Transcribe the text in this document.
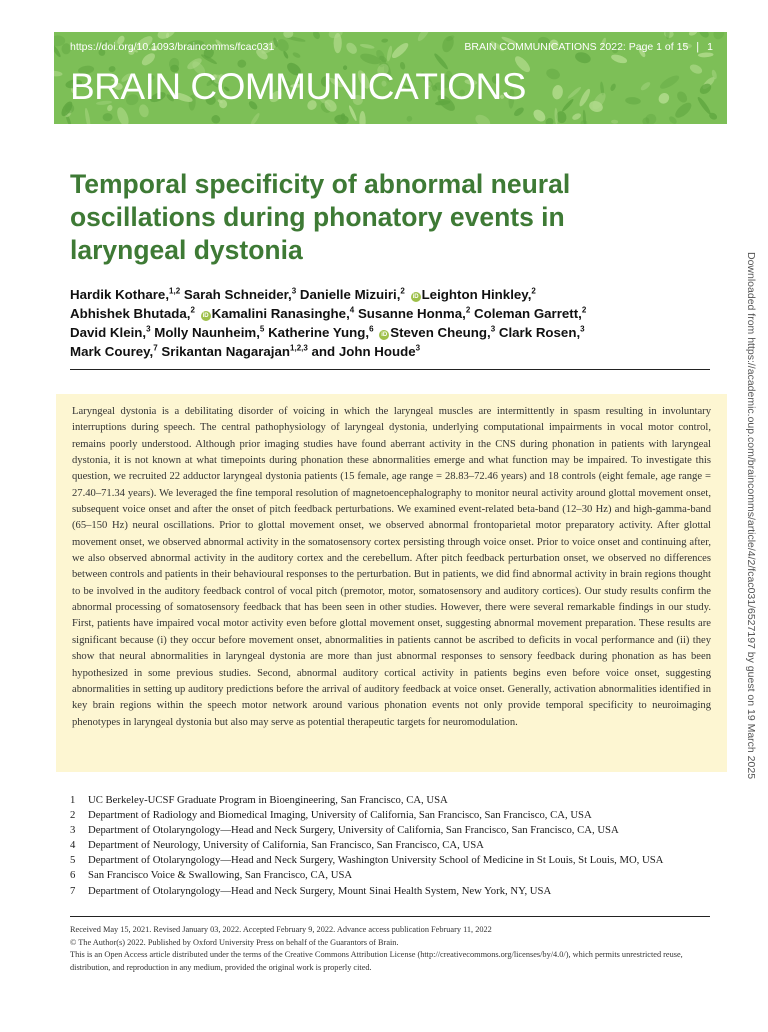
https://doi.org/10.1093/braincomms/fcac031	BRAIN COMMUNICATIONS 2022: Page 1 of 15 | 1
BRAIN COMMUNICATIONS
Temporal specificity of abnormal neural oscillations during phonatory events in laryngeal dystonia
Hardik Kothare,$^{1,2}$ Sarah Schneider,$^3$ Danielle Mizuiri,$^2$ iD Leighton Hinkley,$^2$
Abhishek Bhutada,$^2$ iD Kamalini Ranasinghe,$^4$ Susanne Honma,$^2$ Coleman Garrett,$^2$
David Klein,$^3$ Molly Naunheim,$^5$ Katherine Yung,$^6$ iD Steven Cheung,$^3$ Clark Rosen,$^3$
Mark Courey,$^7$ Srikantan Nagarajan$^{1,2,3}$ and John Houde$^3$

Laryngeal dystonia is a debilitating disorder of voicing in which the laryngeal muscles are intermittently in spasm resulting in involuntary interruptions during speech. The central pathophysiology of laryngeal dystonia, underlying computational impairments in vocal motor control, remains poorly understood. Although prior imaging studies have found aberrant activity in the CNS during phonation in patients with laryngeal dystonia, it is not known at what timepoints during phonation these abnormalities emerge and what function may be impaired. To investigate this question, we recruited 22 adductor laryngeal dystonia patients (15 female, age range = 28.83–72.46 years) and 18 controls (eight female, age range = 27.40–71.34 years). We leveraged the fine temporal resolution of magnetoencephalography to monitor neural activity around glottal movement onset, subsequent voice onset and after the onset of pitch feedback perturbations. We examined event-related beta-band (12–30 Hz) and high-gamma-band (65–150 Hz) neural oscillations. Prior to glottal movement onset, we observed abnormal frontoparietal motor preparatory activity. After glottal movement onset, we observed abnormal activity in the somatosensory cortex persisting through voice onset. Prior to voice onset and continuing after, we also observed abnormal activity in the auditory cortex and the cerebellum. After pitch feedback perturbation onset, we observed no differences between controls and patients in their behavioural responses to the perturbation. But in patients, we did find abnormal activity in brain regions thought to be involved in the auditory feedback control of vocal pitch (premotor, motor, somatosensory and auditory cortices). Our study results confirm the abnormal processing of somatosensory feedback that has been seen in other studies. However, there were several remarkable findings in our study. First, patients have impaired vocal motor activity even before glottal movement onset, suggesting abnormal movement preparation. These results are significant because (i) they occur before movement onset, abnormalities in patients cannot be ascribed to deficits in vocal performance and (ii) they show that neural abnormalities in laryngeal dystonia are more than just abnormal responses to sensory feedback during phonation as has been hypothesized in some previous studies. Second, abnormal auditory cortical activity in patients begins even before voice onset, suggesting abnormalities in setting up auditory predictions before the arrival of auditory feedback at voice onset. Generally, activation abnormalities identified in key brain regions within the speech motor network around various phonation events not only provide temporal specificity to neuroimaging phenotypes in laryngeal dystonia but also may serve as potential therapeutic targets for neuromodulation.	Downloaded from https://academic.oup.com/braincomms/article/4/2/fcac031/6527197 by guest on 19 March 2025
1	UC Berkeley-UCSF Graduate Program in Bioengineering, San Francisco, CA, USA
2	Department of Radiology and Biomedical Imaging, University of California, San Francisco, San Francisco, CA, USA
3	Department of Otolaryngology—Head and Neck Surgery, University of California, San Francisco, San Francisco, CA, USA
4	Department of Neurology, University of California, San Francisco, San Francisco, CA, USA
5	Department of Otolaryngology—Head and Neck Surgery, Washington University School of Medicine in St Louis, St Louis, MO, USA
6	San Francisco Voice & Swallowing, San Francisco, CA, USA
7	Department of Otolaryngology—Head and Neck Surgery, Mount Sinai Health System, New York, NY, USA
Received May 15, 2021. Revised January 03, 2022. Accepted February 9, 2022. Advance access publication February 11, 2022
© The Author(s) 2022. Published by Oxford University Press on behalf of the Guarantors of Brain.
This is an Open Access article distributed under the terms of the Creative Commons Attribution License (http://creativecommons.org/licenses/by/4.0/), which permits unrestricted reuse,
distribution, and reproduction in any medium, provided the original work is properly cited.
